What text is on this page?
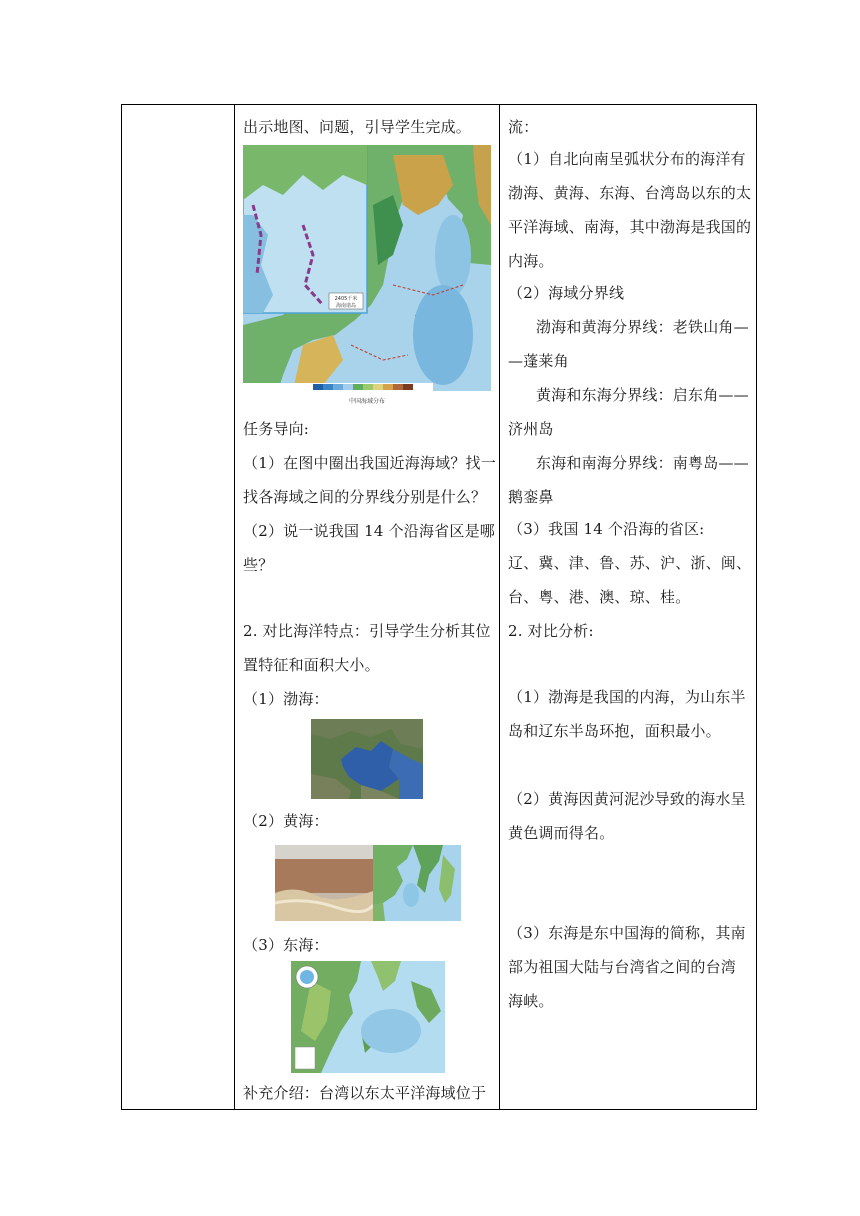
出示地图、问题，引导学生完成。
2405千米
海南诸岛
中国海域分布
任务导向:
（1）在图中圈出我国近海海域？找一
找各海域之间的分界线分别是什么？
（2）说一说我国 14 个沿海省区是哪
些？
2. 对比海洋特点：引导学生分析其位
置特征和面积大小。
（1）渤海：
（2）黄海：
（3）东海：
补充介绍：台湾以东太平洋海域位于

流：
（1）自北向南呈弧状分布的海洋有
渤海、黄海、东海、台湾岛以东的太
平洋海域、南海，其中渤海是我国的
内海。
（2）海域分界线
渤海和黄海分界线：老铁山角—
—蓬莱角
黄海和东海分界线：启东角——
济州岛
东海和南海分界线：南粤岛——
鹅銮鼻
（3）我国 14 个沿海的省区:
辽、冀、津、鲁、苏、沪、浙、闽、
台、粤、港、澳、琼、桂。
2. 对比分析:
（1）渤海是我国的内海，为山东半
岛和辽东半岛环抱，面积最小。
（2）黄海因黄河泥沙导致的海水呈
黄色调而得名。
（3）东海是东中国海的简称，其南
部为祖国大陆与台湾省之间的台湾
海峡。
